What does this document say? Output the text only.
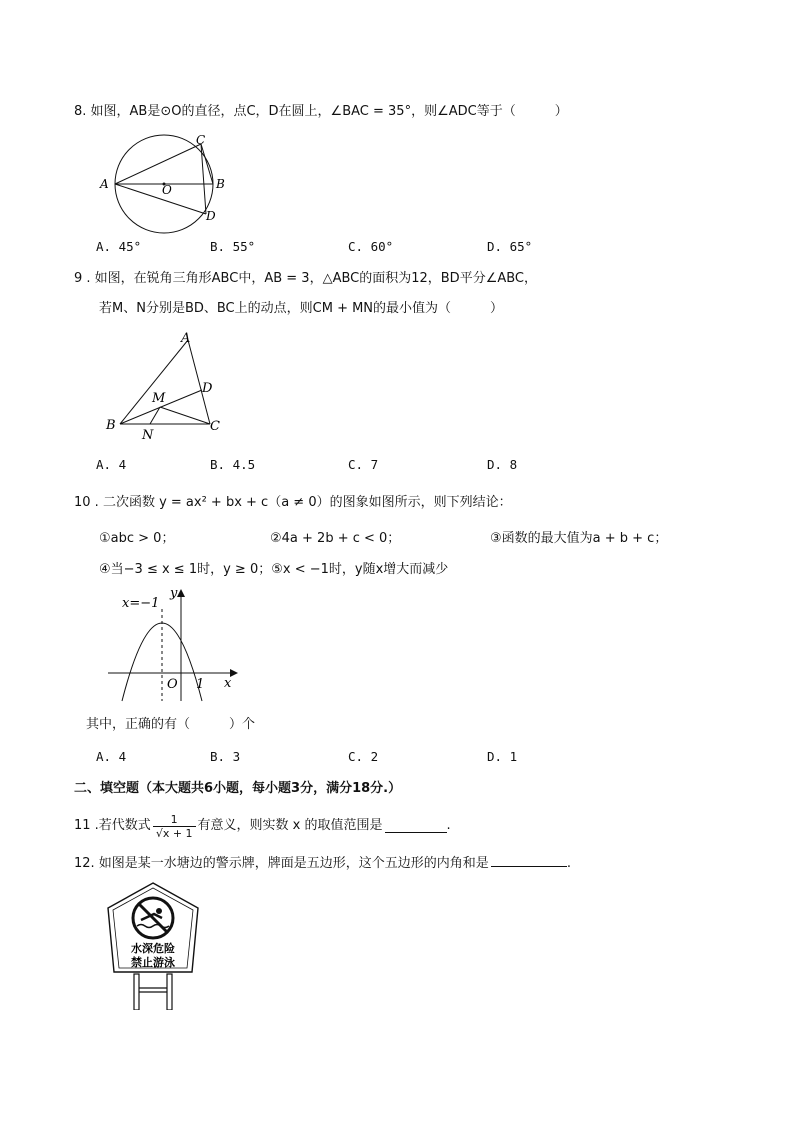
8. 如图，AB是⊙O的直径，点C，D在圆上，∠BAC = 35°，则∠ADC等于（　　　）
A	B
C
D
O
A. 45°	B. 55°	C. 60°	D. 65°
9 . 如图，在锐角三角形ABC中，AB = 3，△ABC的面积为12，BD平分∠ABC，
若M、N分别是BD、BC上的动点，则CM + MN的最小值为（　　　）
A
B	C
D
M
N
A. 4	B. 4.5	C. 7	D. 8
10 . 二次函数 y = ax² + bx + c（a ≠ 0）的图象如图所示，则下列结论：
①abc > 0；	②4a + 2b + c < 0；	③函数的最大值为a + b + c；
④当−3 ≤ x ≤ 1时，y ≥ 0；⑤x < −1时，y随x增大而减少
x=−1
y
x
O 1
其中，正确的有（　　　）个
A. 4	B. 3	C. 2	D. 1
二、填空题（本大题共6小题，每小题3分，满分18分.）
11 .若代数式 $\frac{1}{√x + 1}$ 有意义，则实数 x 的取值范围是	.
12. 如图是某一水塘边的警示牌，牌面是五边形，这个五边形的内角和是	.
水深危险
禁止游泳
